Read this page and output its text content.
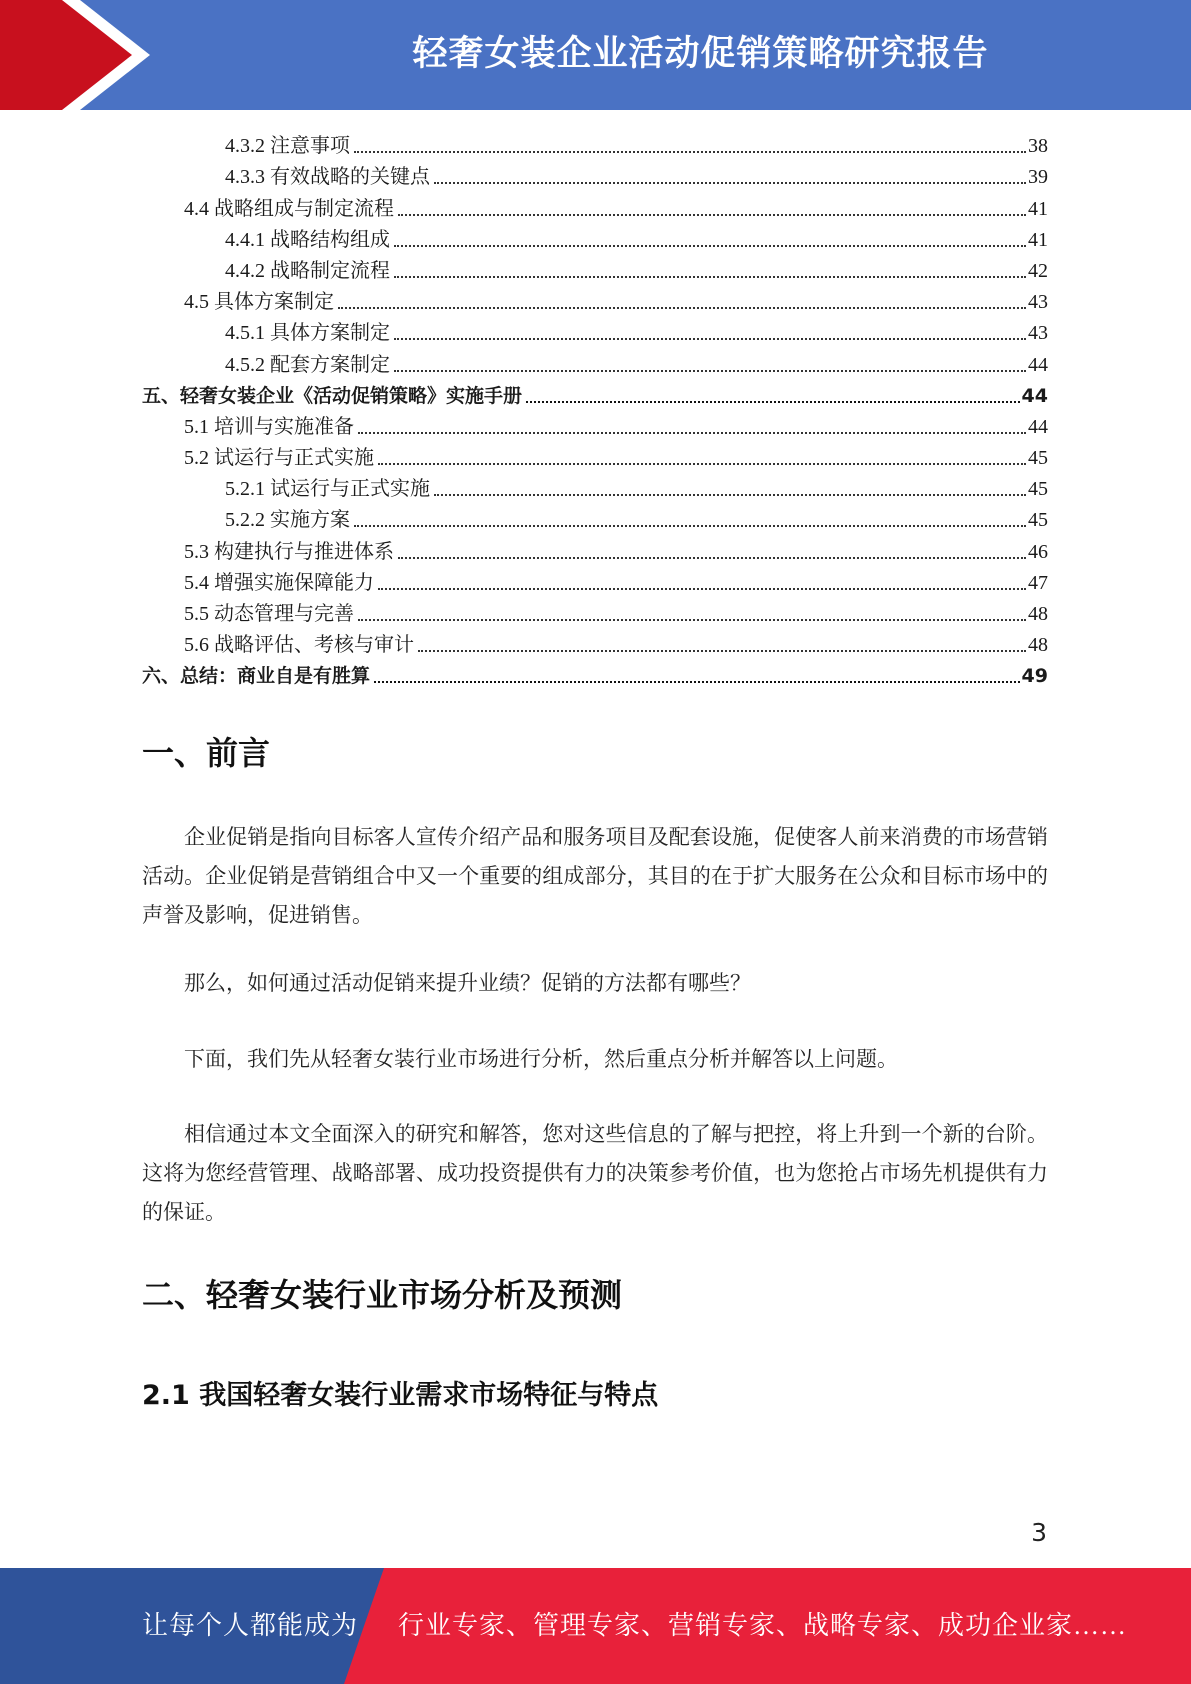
轻奢女装企业活动促销策略研究报告
4.3.2 注意事项	38
4.3.3 有效战略的关键点	39
4.4 战略组成与制定流程	41
4.4.1 战略结构组成	41
4.4.2 战略制定流程	42
4.5 具体方案制定	43
4.5.1 具体方案制定	43
4.5.2 配套方案制定	44
五、轻奢女装企业《活动促销策略》实施手册	44
5.1 培训与实施准备	44
5.2 试运行与正式实施	45
5.2.1 试运行与正式实施	45
5.2.2 实施方案	45
5.3 构建执行与推进体系	46
5.4 增强实施保障能力	47
5.5 动态管理与完善	48
5.6 战略评估、考核与审计	48
六、总结：商业自是有胜算	49
一、前言

企业促销是指向目标客人宣传介绍产品和服务项目及配套设施，促使客人前来消费的市场营销活动。企业促销是营销组合中又一个重要的组成部分，其目的在于扩大服务在公众和目标市场中的声誉及影响，促进销售。

那么，如何通过活动促销来提升业绩？促销的方法都有哪些？

下面，我们先从轻奢女装行业市场进行分析，然后重点分析并解答以上问题。

相信通过本文全面深入的研究和解答，您对这些信息的了解与把控，将上升到一个新的台阶。这将为您经营管理、战略部署、成功投资提供有力的决策参考价值，也为您抢占市场先机提供有力的保证。

二、轻奢女装行业市场分析及预测
2.1 我国轻奢女装行业需求市场特征与特点
3
让每个人都能成为 行业专家、管理专家、营销专家、战略专家、成功企业家……
